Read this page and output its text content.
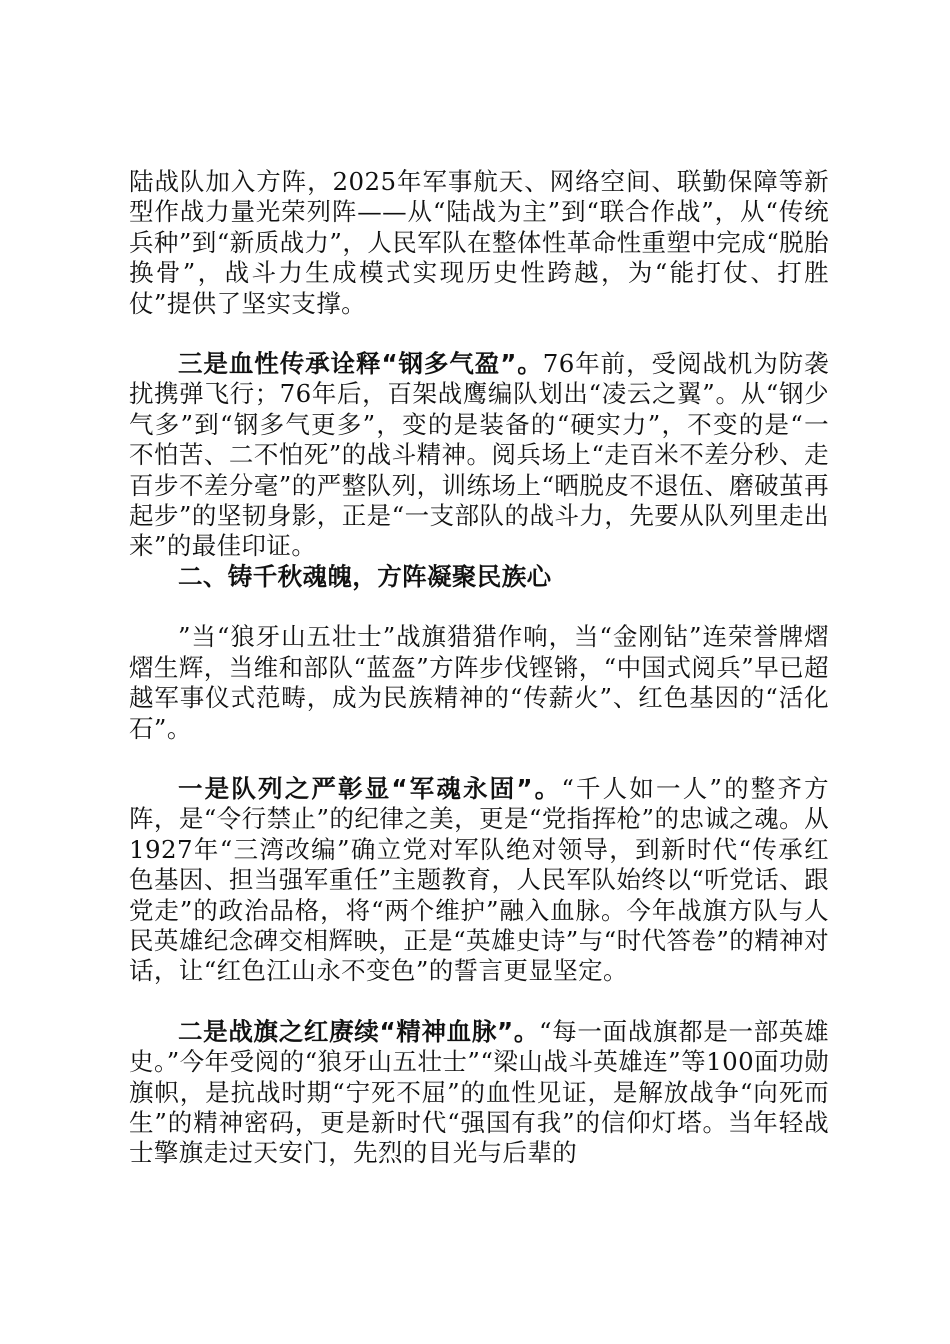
陆战队加入方阵，2025年军事航天、网络空间、联勤保障等新型作战力量光荣列阵——从“陆战为主”到“联合作战”，从“传统兵种”到“新质战力”，人民军队在整体性革命性重塑中完成“脱胎换骨”，战斗力生成模式实现历史性跨越，为“能打仗、打胜仗”提供了坚实支撑。

三是血性传承诠释“钢多气盈”。76年前，受阅战机为防袭扰携弹飞行；76年后，百架战鹰编队划出“凌云之翼”。从“钢少气多”到“钢多气更多”，变的是装备的“硬实力”，不变的是“一不怕苦、二不怕死”的战斗精神。阅兵场上“走百米不差分秒、走百步不差分毫”的严整队列，训练场上“晒脱皮不退伍、磨破茧再起步”的坚韧身影，正是“一支部队的战斗力，先要从队列里走出来”的最佳印证。

二、铸千秋魂魄，方阵凝聚民族心

”当“狼牙山五壮士”战旗猎猎作响，当“金刚钻”连荣誉牌熠熠生辉，当维和部队“蓝盔”方阵步伐铿锵，“中国式阅兵”早已超越军事仪式范畴，成为民族精神的“传薪火”、红色基因的“活化石”。

一是队列之严彰显“军魂永固”。“千人如一人”的整齐方阵，是“令行禁止”的纪律之美，更是“党指挥枪”的忠诚之魂。从1927年“三湾改编”确立党对军队绝对领导，到新时代“传承红色基因、担当强军重任”主题教育，人民军队始终以“听党话、跟党走”的政治品格，将“两个维护”融入血脉。今年战旗方队与人民英雄纪念碑交相辉映，正是“英雄史诗”与“时代答卷”的精神对话，让“红色江山永不变色”的誓言更显坚定。

二是战旗之红赓续“精神血脉”。“每一面战旗都是一部英雄史。”今年受阅的“狼牙山五壮士”“梁山战斗英雄连”等100面功勋旗帜，是抗战时期“宁死不屈”的血性见证，是解放战争“向死而生”的精神密码，更是新时代“强国有我”的信仰灯塔。当年轻战士擎旗走过天安门，先烈的目光与后辈的
